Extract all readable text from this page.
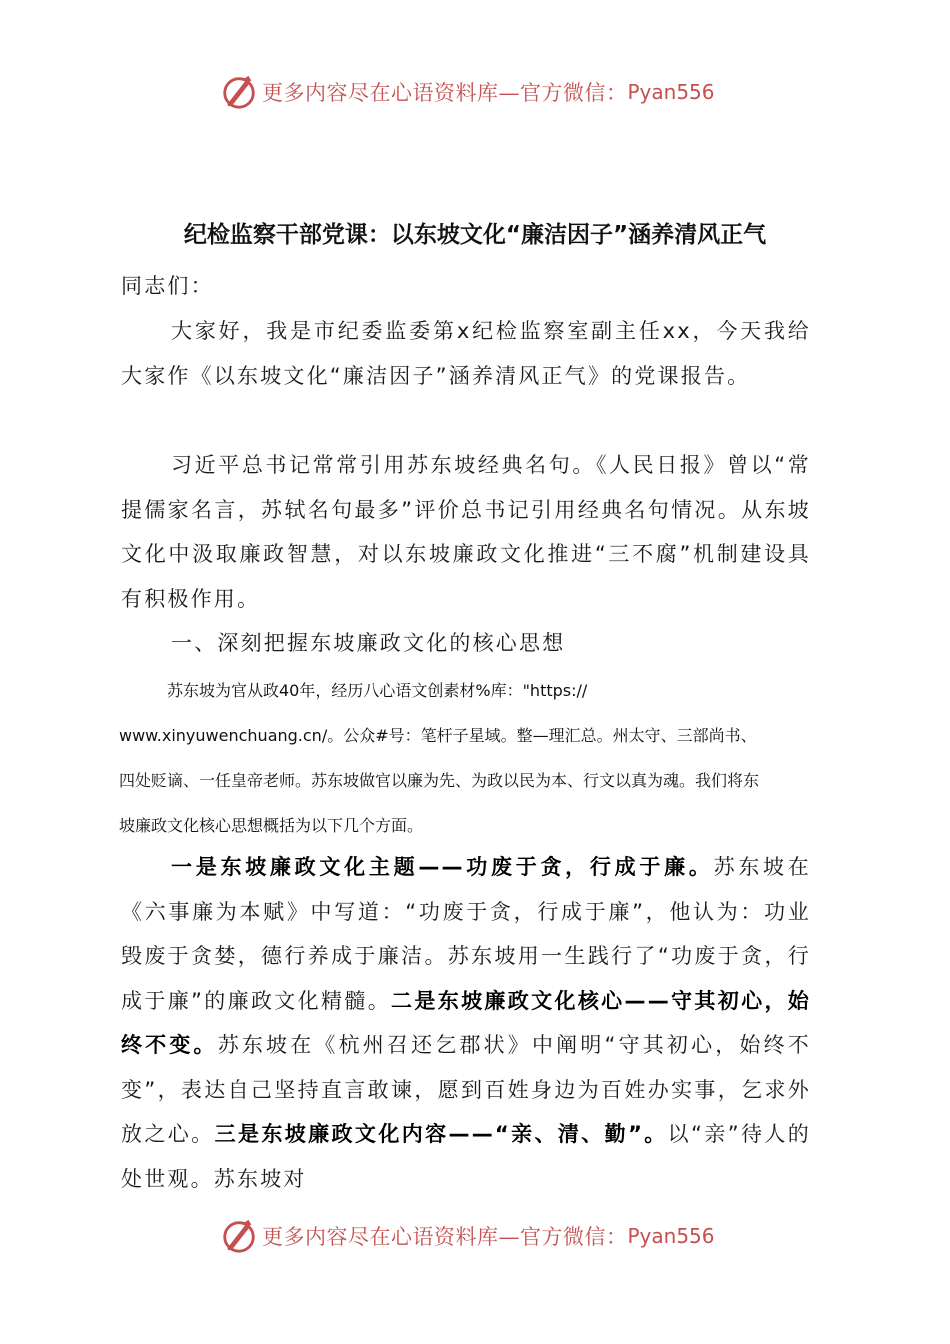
更多内容尽在心语资料库—官方微信： Pyan556
纪检监察干部党课：以东坡文化“廉洁因子”涵养清风正气

同志们：

大家好，我是市纪委监委第x纪检监察室副主任xx，今天我给大家作《以东坡文化“廉洁因子”涵养清风正气》的党课报告。

习近平总书记常常引用苏东坡经典名句。《人民日报》曾以“常提儒家名言，苏轼名句最多”评价总书记引用经典名句情况。从东坡文化中汲取廉政智慧，对以东坡廉政文化推进“三不腐”机制建设具有积极作用。

一、深刻把握东坡廉政文化的核心思想

苏东坡为官从政40年，经历八心语文创素材%库："https://

www.xinyuwenchuang.cn/。公众#号：笔杆子星域。整—理汇总。州太守、三部尚书、

四处贬谪、一任皇帝老师。苏东坡做官以廉为先、为政以民为本、行文以真为魂。我们将东

坡廉政文化核心思想概括为以下几个方面。

一是东坡廉政文化主题——功废于贪，行成于廉。苏东坡在《六事廉为本赋》中写道：“功废于贪，行成于廉”，他认为：功业毁废于贪婪，德行养成于廉洁。苏东坡用一生践行了“功废于贪，行成于廉”的廉政文化精髓。二是东坡廉政文化核心——守其初心，始终不变。苏东坡在《杭州召还乞郡状》中阐明“守其初心，始终不变”，表达自己坚持直言敢谏，愿到百姓身边为百姓办实事，乞求外放之心。三是东坡廉政文化内容——“亲、清、勤”。以“亲”待人的处世观。苏东坡对

更多内容尽在心语资料库—官方微信： Pyan556
